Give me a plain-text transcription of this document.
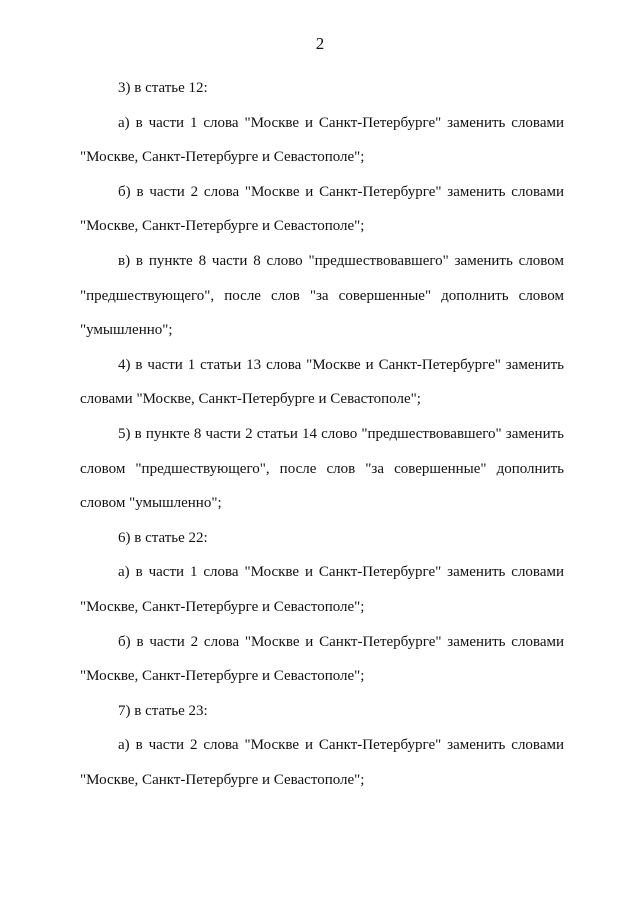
2
3) в статье 12:
а) в части 1 слова "Москве и Санкт-Петербурге" заменить словами
"Москве, Санкт-Петербурге и Севастополе";
б) в части 2 слова "Москве и Санкт-Петербурге" заменить словами
"Москве, Санкт-Петербурге и Севастополе";
в) в пункте 8 части 8 слово "предшествовавшего" заменить словом
"предшествующего", после слов "за совершенные" дополнить словом
"умышленно";
4) в части 1 статьи 13 слова "Москве и Санкт-Петербурге" заменить
словами "Москве, Санкт-Петербурге и Севастополе";
5) в пункте 8 части 2 статьи 14 слово "предшествовавшего" заменить
словом "предшествующего", после слов "за совершенные" дополнить
словом "умышленно";
6) в статье 22:
а) в части 1 слова "Москве и Санкт-Петербурге" заменить словами
"Москве, Санкт-Петербурге и Севастополе";
б) в части 2 слова "Москве и Санкт-Петербурге" заменить словами
"Москве, Санкт-Петербурге и Севастополе";
7) в статье 23:
а) в части 2 слова "Москве и Санкт-Петербурге" заменить словами
"Москве, Санкт-Петербурге и Севастополе";
